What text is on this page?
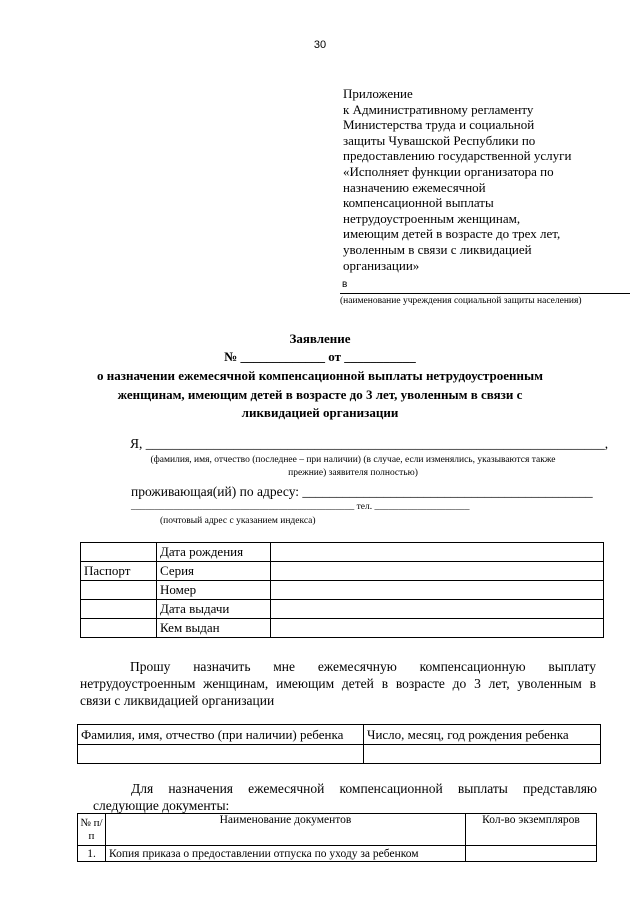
30
Приложение
к Административному регламенту
Министерства труда и социальной
защиты Чувашской Республики по
предоставлению государственной услуги
«Исполняет функции организатора по
назначению ежемесячной
компенсационной выплаты
нетрудоустроенным женщинам,
имеющим детей в возрасте до трех лет,
уволенным в связи с ликвидацией
организации»
в
(наименование учреждения социальной защиты населения)
Заявление
№ _____________ от ___________
о назначении ежемесячной компенсационной выплаты нетрудоустроенным
женщинам, имеющим детей в возрасте до 3 лет, уволенным в связи с
ликвидацией организации
Я, ____________________________________________________________________,
(фамилия, имя, отчество (последнее – при наличии) (в случае, если изменялись, указываются также
прежние) заявителя полностью)
проживающая(ий) по адресу: ___________________________________________
_______________________________________________ тел. ____________________
(почтовый адрес с указанием индекса)
	Дата рождения	
Паспорт	Серия	
	Номер	
	Дата выдачи	
	Кем выдан	
Прошу назначить мне ежемесячную компенсационную выплату
нетрудоустроенным женщинам, имеющим детей в возрасте до 3 лет, уволенным в
связи с ликвидацией организации
Фамилия, имя, отчество (при наличии) ребенка	Число, месяц, год рождения ребенка

Для назначения ежемесячной компенсационной выплаты представляю
следующие документы:
№ п/п	Наименование документов	Кол-во экземпляров
1.	Копия приказа о предоставлении отпуска по уходу за ребенком	
